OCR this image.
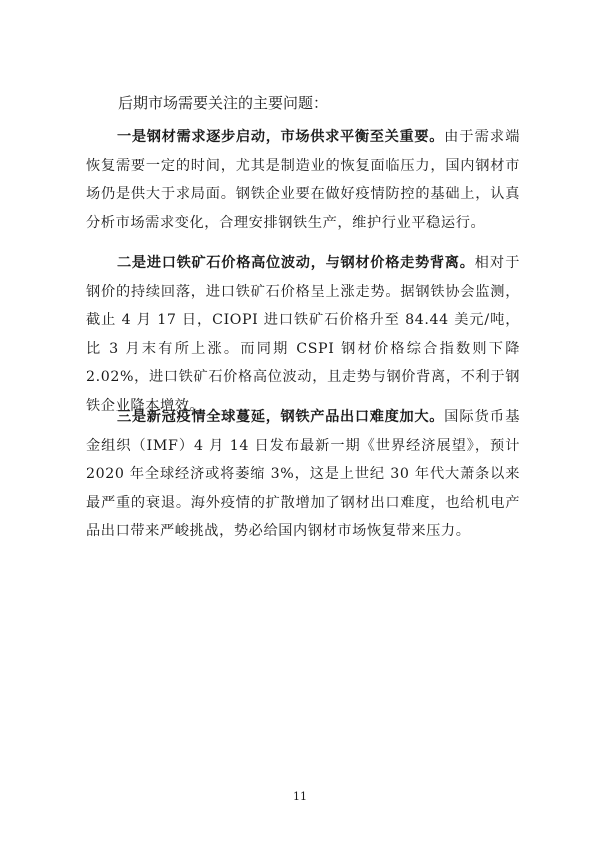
后期市场需要关注的主要问题：

一是钢材需求逐步启动，市场供求平衡至关重要。由于需求端恢复需要一定的时间，尤其是制造业的恢复面临压力，国内钢材市场仍是供大于求局面。钢铁企业要在做好疫情防控的基础上，认真分析市场需求变化，合理安排钢铁生产，维护行业平稳运行。

二是进口铁矿石价格高位波动，与钢材价格走势背离。相对于钢价的持续回落，进口铁矿石价格呈上涨走势。据钢铁协会监测，截止 4 月 17 日，CIOPI 进口铁矿石价格升至 84.44 美元/吨，比 3 月末有所上涨。而同期 CSPI 钢材价格综合指数则下降 2.02%，进口铁矿石价格高位波动，且走势与钢价背离，不利于钢铁企业降本增效。

三是新冠疫情全球蔓延，钢铁产品出口难度加大。国际货币基金组织（IMF）4 月 14 日发布最新一期《世界经济展望》，预计 2020 年全球经济或将萎缩 3%，这是上世纪 30 年代大萧条以来最严重的衰退。海外疫情的扩散增加了钢材出口难度，也给机电产品出口带来严峻挑战，势必给国内钢材市场恢复带来压力。

11
